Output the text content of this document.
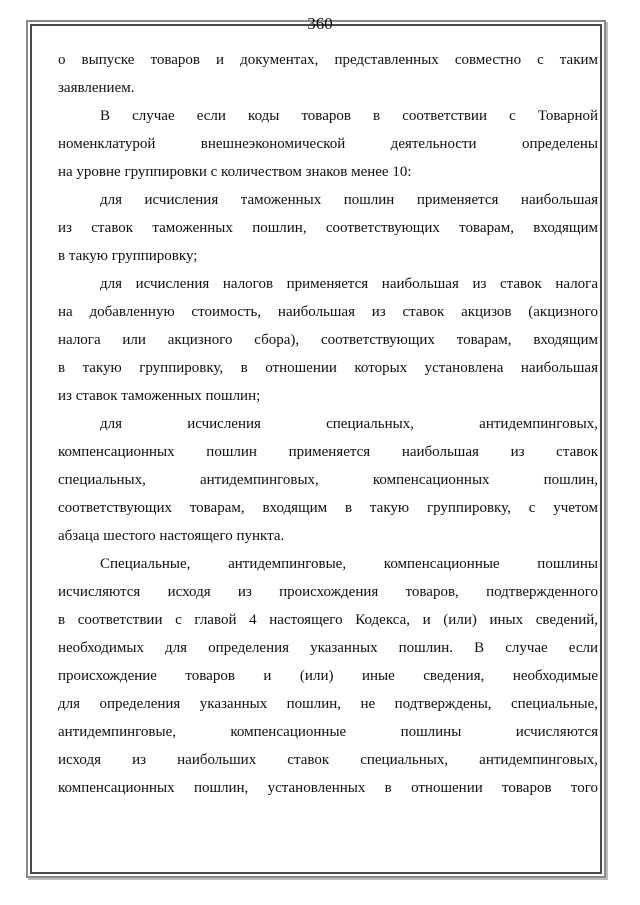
360
о выпуске товаров и документах, представленных совместно с таким
заявлением.
В случае если коды товаров в соответствии с Товарной
номенклатурой внешнеэкономической деятельности определены
на уровне группировки с количеством знаков менее 10:
для исчисления таможенных пошлин применяется наибольшая
из ставок таможенных пошлин, соответствующих товарам, входящим
в такую группировку;
для исчисления налогов применяется наибольшая из ставок налога
на добавленную стоимость, наибольшая из ставок акцизов (акцизного
налога или акцизного сбора), соответствующих товарам, входящим
в такую группировку, в отношении которых установлена наибольшая
из ставок таможенных пошлин;
для исчисления специальных, антидемпинговых,
компенсационных пошлин применяется наибольшая из ставок
специальных, антидемпинговых, компенсационных пошлин,
соответствующих товарам, входящим в такую группировку, с учетом
абзаца шестого настоящего пункта.
Специальные, антидемпинговые, компенсационные пошлины
исчисляются исходя из происхождения товаров, подтвержденного
в соответствии с главой 4 настоящего Кодекса, и (или) иных сведений,
необходимых для определения указанных пошлин. В случае если
происхождение товаров и (или) иные сведения, необходимые
для определения указанных пошлин, не подтверждены, специальные,
антидемпинговые, компенсационные пошлины исчисляются
исходя из наибольших ставок специальных, антидемпинговых,
компенсационных пошлин, установленных в отношении товаров того
